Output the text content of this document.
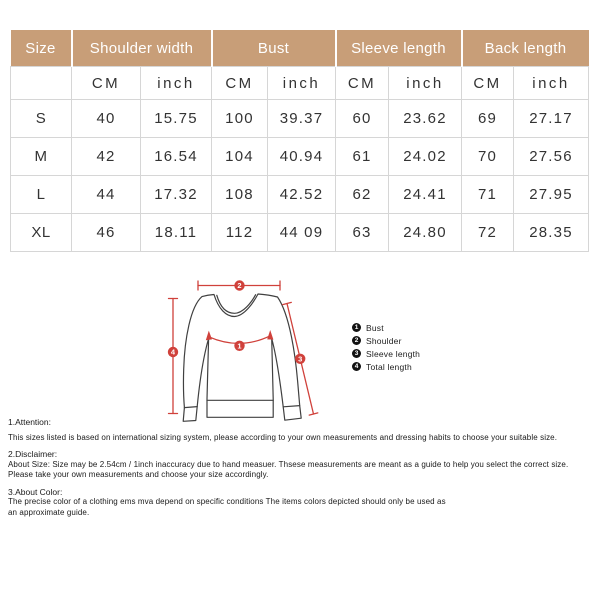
Size	Shoulder width		Bust		Sleeve length		Back length	
	CM	inch	CM	inch	CM	inch	CM	inch
S	40	15.75	100	39.37	60	23.62	69	27.17
M	42	16.54	104	40.94	61	24.02	70	27.56
L	44	17.32	108	42.52	62	24.41	71	27.95
XL	46	18.11	112	44 09	63	24.80	72	28.35
2
4
1
3
1 Bust
2 Shoulder
3 Sleeve length
4 Total length
1.Attention:
This sizes listed is based on international sizing system, please according to your own measurements and dressing habits to choose your suitable size.
2.Disclaimer:
About Size: Size may be 2.54cm / 1inch inaccuracy due to hand measuer. Thsese measurements are meant as a guide to help you select the correct size.
Please take your own measurements and choose your size accordingly.
3.About Color:
The precise color of a clothing ems mva depend on specific conditions The items colors depicted should only be used as
an approximate guide.
